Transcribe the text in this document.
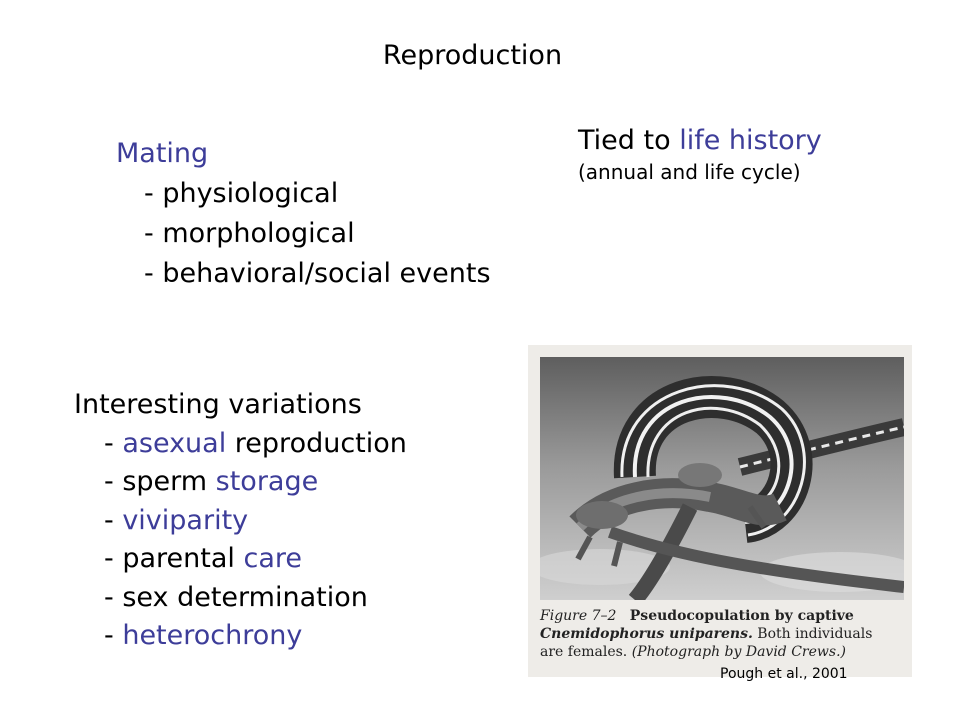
Reproduction
Mating
- physiological
- morphological
- behavioral/social events
Tied to life history
(annual and life cycle)
Interesting variations
- asexual reproduction
- sperm storage
- viviparity
- parental care
- sex determination
- heterochrony
Figure 7–2 Pseudocopulation by captive Cnemidophorus uniparens. Both individuals are females. (Photograph by David Crews.)
Pough et al., 2001
